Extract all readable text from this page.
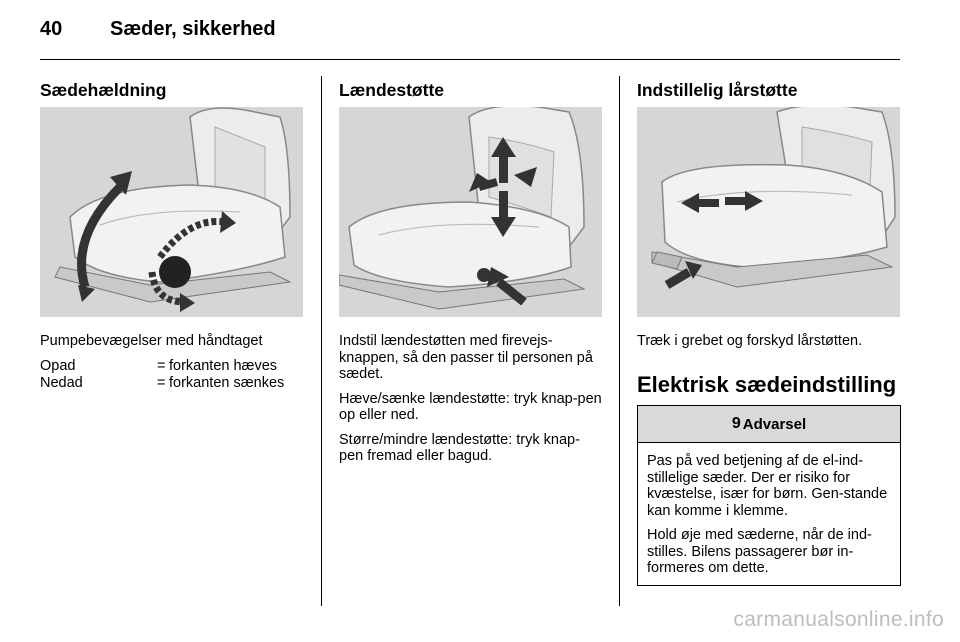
40 Sæder, sikkerhed
Sædehældning
Pumpebevægelser med håndtaget
Opad	= forkanten hæves
Nedad	= forkanten sænkes
Lændestøtte

Indstil lændestøtten med firevejs-knappen, så den passer til personen på sædet.

Hæve/sænke lændestøtte: tryk knap-pen op eller ned.

Større/mindre lændestøtte: tryk knap-pen fremad eller bagud.

Indstillelig lårstøtte
Træk i grebet og forskyd lårstøtten.
Elektrisk sædeindstilling
9 Advarsel

Pas på ved betjening af de el-ind-stillelige sæder. Der er risiko for kvæstelse, især for børn. Gen-stande kan komme i klemme.

Hold øje med sæderne, når de ind-stilles. Bilens passagerer bør in-formeres om dette.

carmanualsonline.info
